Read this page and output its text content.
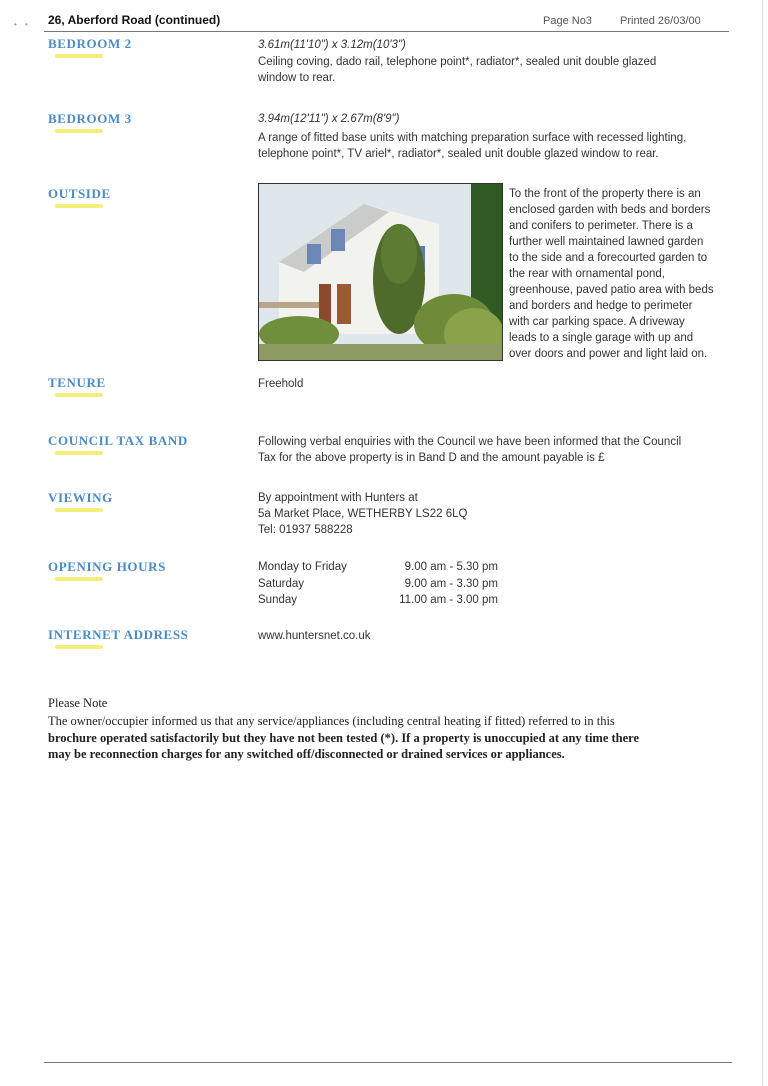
• • 26, Aberford Road (continued)	Page No3	Printed 26/03/00
BEDROOM 2	3.61m(11'10") x 3.12m(10'3")
Ceiling coving, dado rail, telephone point*, radiator*, sealed unit double glazed
window to rear.
BEDROOM 3	3.94m(12'11") x 2.67m(8'9")
A range of fitted base units with matching preparation surface with recessed lighting,
telephone point*, TV ariel*, radiator*, sealed unit double glazed window to rear.
OUTSIDE	To the front of the property there is an
enclosed garden with beds and borders
and conifers to perimeter. There is a
further well maintained lawned garden
to the side and a forecourted garden to
the rear with ornamental pond,
greenhouse, paved patio area with beds
and borders and hedge to perimeter
with car parking space. A driveway
leads to a single garage with up and
over doors and power and light laid on.
TENURE	Freehold
COUNCIL TAX BAND	Following verbal enquiries with the Council we have been informed that the Council
Tax for the above property is in Band D and the amount payable is £
VIEWING	By appointment with Hunters at
5a Market Place, WETHERBY LS22 6LQ
Tel: 01937 588228
OPENING HOURS	Monday to Friday	9.00 am - 5.30 pm
Saturday	9.00 am - 3.30 pm
Sunday	11.00 am - 3.00 pm
INTERNET ADDRESS	www.huntersnet.co.uk
Please Note
The owner/occupier informed us that any service/appliances (including central heating if fitted) referred to in this
brochure operated satisfactorily but they have not been tested (*). If a property is unoccupied at any time there
may be reconnection charges for any switched off/disconnected or drained services or appliances.
